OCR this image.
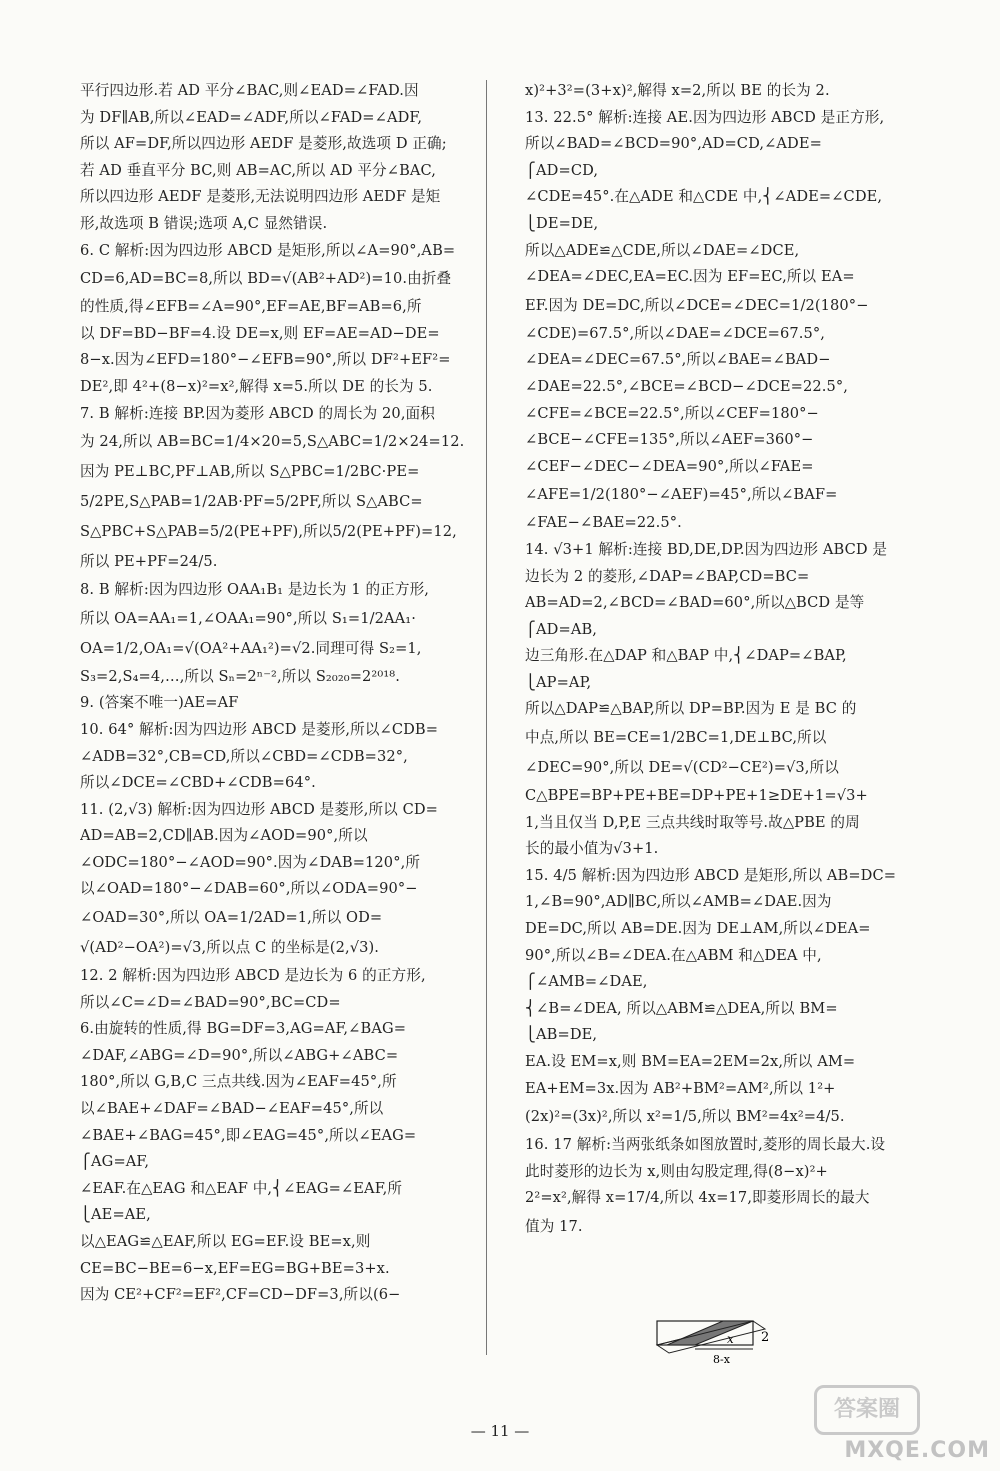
平行四边形.若 AD 平分∠BAC,则∠EAD=∠FAD.因
为 DF∥AB,所以∠EAD=∠ADF,所以∠FAD=∠ADF,
所以 AF=DF,所以四边形 AEDF 是菱形,故选项 D 正确;
若 AD 垂直平分 BC,则 AB=AC,所以 AD 平分∠BAC,
所以四边形 AEDF 是菱形,无法说明四边形 AEDF 是矩
形,故选项 B 错误;选项 A,C 显然错误.
6. C 解析:因为四边形 ABCD 是矩形,所以∠A=90°,AB=
CD=6,AD=BC=8,所以 BD=√(AB²+AD²)=10.由折叠
的性质,得∠EFB=∠A=90°,EF=AE,BF=AB=6,所
以 DF=BD−BF=4.设 DE=x,则 EF=AE=AD−DE=
8−x.因为∠EFD=180°−∠EFB=90°,所以 DF²+EF²=
DE²,即 4²+(8−x)²=x²,解得 x=5.所以 DE 的长为 5.
7. B 解析:连接 BP.因为菱形 ABCD 的周长为 20,面积
为 24,所以 AB=BC=1/4×20=5,S△ABC=1/2×24=12.
因为 PE⊥BC,PF⊥AB,所以 S△PBC=1/2BC·PE=
5/2PE,S△PAB=1/2AB·PF=5/2PF,所以 S△ABC=
S△PBC+S△PAB=5/2(PE+PF),所以5/2(PE+PF)=12,
所以 PE+PF=24/5.
8. B 解析:因为四边形 OAA₁B₁ 是边长为 1 的正方形,
所以 OA=AA₁=1,∠OAA₁=90°,所以 S₁=1/2AA₁·
OA=1/2,OA₁=√(OA²+AA₁²)=√2.同理可得 S₂=1,
S₃=2,S₄=4,…,所以 Sₙ=2ⁿ⁻²,所以 S₂₀₂₀=2²⁰¹⁸.
9. (答案不唯一)AE=AF
10. 64° 解析:因为四边形 ABCD 是菱形,所以∠CDB=
∠ADB=32°,CB=CD,所以∠CBD=∠CDB=32°,
所以∠DCE=∠CBD+∠CDB=64°.
11. (2,√3) 解析:因为四边形 ABCD 是菱形,所以 CD=
AD=AB=2,CD∥AB.因为∠AOD=90°,所以
∠ODC=180°−∠AOD=90°.因为∠DAB=120°,所
以∠OAD=180°−∠DAB=60°,所以∠ODA=90°−
∠OAD=30°,所以 OA=1/2AD=1,所以 OD=
√(AD²−OA²)=√3,所以点 C 的坐标是(2,√3).
12. 2 解析:因为四边形 ABCD 是边长为 6 的正方形,
所以∠C=∠D=∠BAD=90°,BC=CD=
6.由旋转的性质,得 BG=DF=3,AG=AF,∠BAG=
∠DAF,∠ABG=∠D=90°,所以∠ABG+∠ABC=
180°,所以 G,B,C 三点共线.因为∠EAF=45°,所
以∠BAE+∠DAF=∠BAD−∠EAF=45°,所以
∠BAE+∠BAG=45°,即∠EAG=45°,所以∠EAG=
⎧AG=AF,
∠EAF.在△EAG 和△EAF 中,⎨∠EAG=∠EAF,所
⎩AE=AE,
以△EAG≌△EAF,所以 EG=EF.设 BE=x,则
CE=BC−BE=6−x,EF=EG=BG+BE=3+x.
因为 CE²+CF²=EF²,CF=CD−DF=3,所以(6−
x)²+3²=(3+x)²,解得 x=2,所以 BE 的长为 2.
13. 22.5° 解析:连接 AE.因为四边形 ABCD 是正方形,
所以∠BAD=∠BCD=90°,AD=CD,∠ADE=
⎧AD=CD,
∠CDE=45°.在△ADE 和△CDE 中,⎨∠ADE=∠CDE,
⎩DE=DE,
所以△ADE≌△CDE,所以∠DAE=∠DCE,
∠DEA=∠DEC,EA=EC.因为 EF=EC,所以 EA=
EF.因为 DE=DC,所以∠DCE=∠DEC=1/2(180°−
∠CDE)=67.5°,所以∠DAE=∠DCE=67.5°,
∠DEA=∠DEC=67.5°,所以∠BAE=∠BAD−
∠DAE=22.5°,∠BCE=∠BCD−∠DCE=22.5°,
∠CFE=∠BCE=22.5°,所以∠CEF=180°−
∠BCE−∠CFE=135°,所以∠AEF=360°−
∠CEF−∠DEC−∠DEA=90°,所以∠FAE=
∠AFE=1/2(180°−∠AEF)=45°,所以∠BAF=
∠FAE−∠BAE=22.5°.
14. √3+1 解析:连接 BD,DE,DP.因为四边形 ABCD 是
边长为 2 的菱形,∠DAP=∠BAP,CD=BC=
AB=AD=2,∠BCD=∠BAD=60°,所以△BCD 是等
⎧AD=AB,
边三角形.在△DAP 和△BAP 中,⎨∠DAP=∠BAP,
⎩AP=AP,
所以△DAP≌△BAP,所以 DP=BP.因为 E 是 BC 的
中点,所以 BE=CE=1/2BC=1,DE⊥BC,所以
∠DEC=90°,所以 DE=√(CD²−CE²)=√3,所以
C△BPE=BP+PE+BE=DP+PE+1≥DE+1=√3+
1,当且仅当 D,P,E 三点共线时取等号.故△PBE 的周
长的最小值为√3+1.
15. 4/5 解析:因为四边形 ABCD 是矩形,所以 AB=DC=
1,∠B=90°,AD∥BC,所以∠AMB=∠DAE.因为
DE=DC,所以 AB=DE.因为 DE⊥AM,所以∠DEA=
90°,所以∠B=∠DEA.在△ABM 和△DEA 中,
⎧∠AMB=∠DAE,
⎨∠B=∠DEA, 所以△ABM≌△DEA,所以 BM=
⎩AB=DE,
EA.设 EM=x,则 BM=EA=2EM=2x,所以 AM=
EA+EM=3x.因为 AB²+BM²=AM²,所以 1²+
(2x)²=(3x)²,所以 x²=1/5,所以 BM²=4x²=4/5.
16. 17 解析:当两张纸条如图放置时,菱形的周长最大.设
此时菱形的边长为 x,则由勾股定理,得(8−x)²+
2²=x²,解得 x=17/4,所以 4x=17,即菱形周长的最大
值为 17.
x 2
8-x
— 11 —
答案圈
MXQE.COM
